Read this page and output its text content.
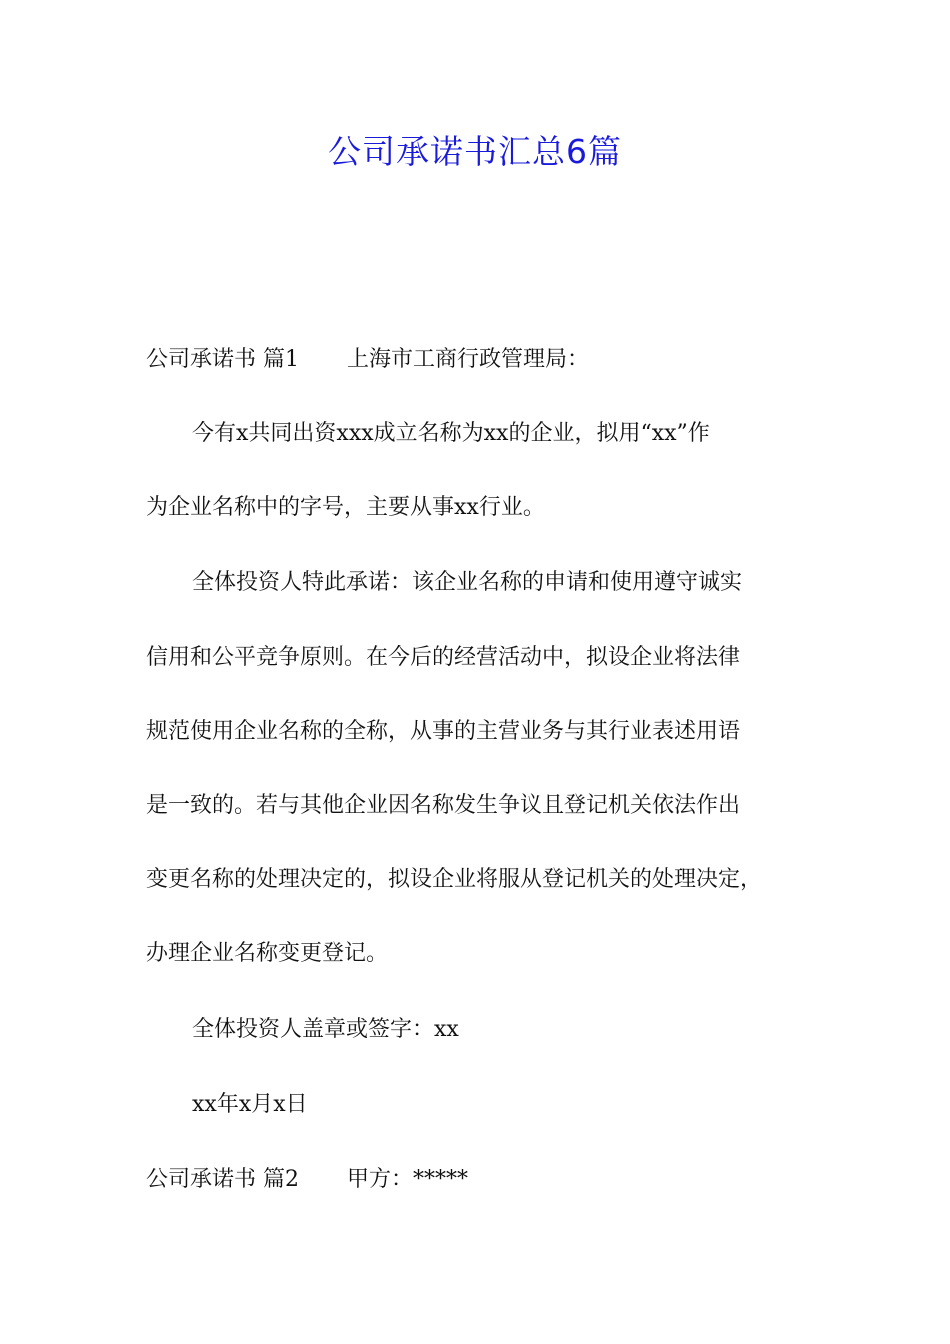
公司承诺书汇总6篇
公司承诺书 篇1 上海市工商行政管理局：
今有x共同出资xxx成立名称为xx的企业，拟用“xx”作
为企业名称中的字号，主要从事xx行业。
全体投资人特此承诺：该企业名称的申请和使用遵守诚实
信用和公平竞争原则。在今后的经营活动中，拟设企业将法律
规范使用企业名称的全称，从事的主营业务与其行业表述用语
是一致的。若与其他企业因名称发生争议且登记机关依法作出
变更名称的处理决定的，拟设企业将服从登记机关的处理决定，
办理企业名称变更登记。
全体投资人盖章或签字：xx
xx年x月x日
公司承诺书 篇2 甲方：*****
